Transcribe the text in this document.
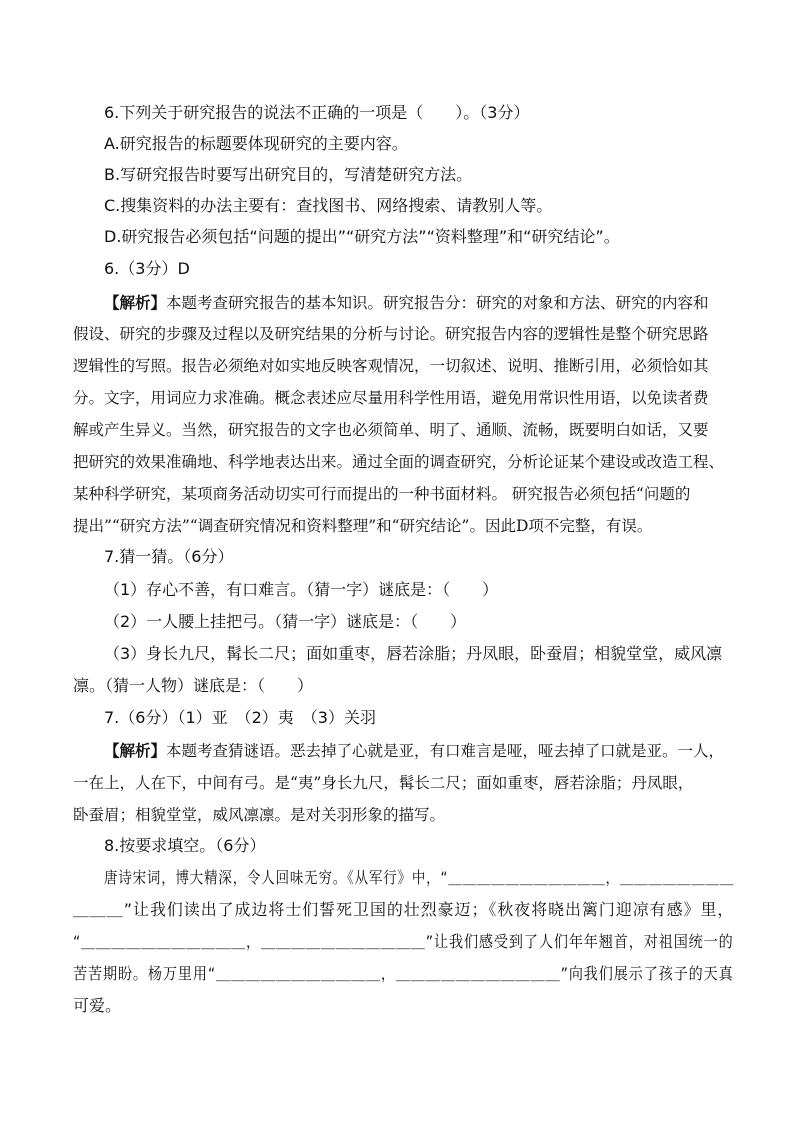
6.下列关于研究报告的说法不正确的一项是（　　）。（3分）
A.研究报告的标题要体现研究的主要内容。
B.写研究报告时要写出研究目的，写清楚研究方法。
C.搜集资料的办法主要有：查找图书、网络搜索、请教别人等。
D.研究报告必须包括“问题的提出”“研究方法”“资料整理”和“研究结论”。
6.（3分）D
【解析】本题考查研究报告的基本知识。研究报告分：研究的对象和方法、研究的内容和
假设、研究的步骤及过程以及研究结果的分析与讨论。研究报告内容的逻辑性是整个研究思路
逻辑性的写照。报告必须绝对如实地反映客观情况，一切叙述、说明、推断引用，必须恰如其
分。文字，用词应力求准确。概念表述应尽量用科学性用语，避免用常识性用语，以免读者费
解或产生异义。当然，研究报告的文字也必须简单、明了、通顺、流畅，既要明白如话，又要
把研究的效果准确地、科学地表达出来。通过全面的调查研究，分析论证某个建设或改造工程、
某种科学研究，某项商务活动切实可行而提出的一种书面材料。 研究报告必须包括“问题的
提出”“研究方法”“调查研究情况和资料整理”和“研究结论”。因此D项不完整，有误。
7.猜一猜。（6分）
（1）存心不善，有口难言。（猜一字）谜底是：（　　）
（2）一人腰上挂把弓。（猜一字）谜底是：（　　）
（3）身长九尺，髯长二尺；面如重枣，唇若涂脂；丹凤眼，卧蚕眉；相貌堂堂，威风凛
凛。（猜一人物）谜底是：（　　）
7.（6分）（1）亚　（2）夷　（3）关羽
【解析】本题考查猜谜语。恶去掉了心就是亚，有口难言是哑，哑去掉了口就是亚。一人，
一在上，人在下，中间有弓。是“夷”身长九尺，髯长二尺；面如重枣，唇若涂脂；丹凤眼，
卧蚕眉；相貌堂堂，威风凛凛。是对关羽形象的描写。
8.按要求填空。（6分）
唐诗宋词，博大精深，令人回味无穷。《从军行》中，“＿＿＿＿＿＿＿＿＿＿＿，＿＿＿＿＿＿＿＿
＿＿＿”让我们读出了成边将士们誓死卫国的壮烈豪迈；《秋夜将晓出篱门迎凉有感》里，
“＿＿＿＿＿＿＿＿＿＿＿，＿＿＿＿＿＿＿＿＿＿＿”让我们感受到了人们年年翘首，对祖国统一的
苦苦期盼。杨万里用“＿＿＿＿＿＿＿＿＿＿＿，＿＿＿＿＿＿＿＿＿＿＿”向我们展示了孩子的天真
可爱。
